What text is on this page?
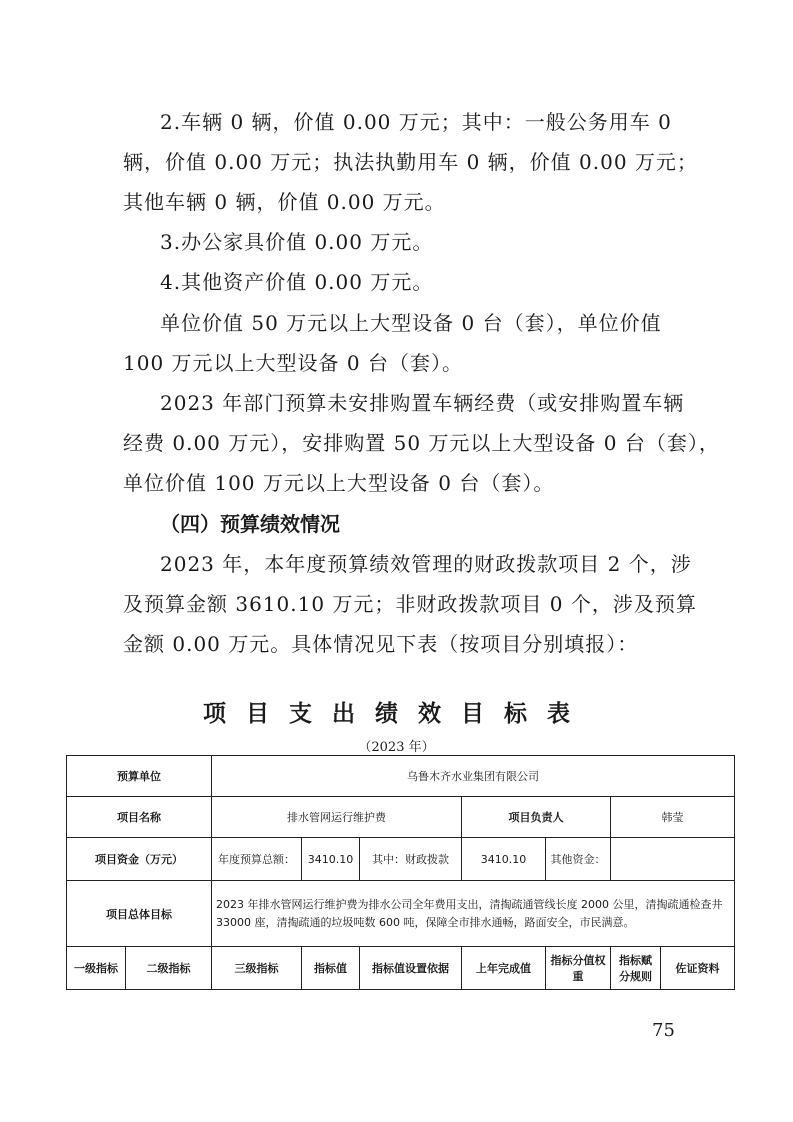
2.车辆 0 辆，价值 0.00 万元；其中：一般公务用车 0
辆，价值 0.00 万元；执法执勤用车 0 辆，价值 0.00 万元；
其他车辆 0 辆，价值 0.00 万元。
3.办公家具价值 0.00 万元。
4.其他资产价值 0.00 万元。
单位价值 50 万元以上大型设备 0 台（套），单位价值
100 万元以上大型设备 0 台（套）。
2023 年部门预算未安排购置车辆经费（或安排购置车辆
经费 0.00 万元），安排购置 50 万元以上大型设备 0 台（套），
单位价值 100 万元以上大型设备 0 台（套）。
（四）预算绩效情况
2023 年，本年度预算绩效管理的财政拨款项目 2 个，涉
及预算金额 3610.10 万元；非财政拨款项目 0 个，涉及预算
金额 0.00 万元。具体情况见下表（按项目分别填报）：
项目支出绩效目标表
（2023 年）
预算单位		乌鲁木齐水业集团有限公司						
项目名称		排水管网运行维护费			项目负责人		韩莹	
项目资金（万元）		年度预算总额：	3410.10	其中：财政拨款	3410.10	其他资金：		
项目总体目标		2023 年排水管网运行维护费为排水公司全年费用支出，清掏疏通管线长度 2000 公里，清掏疏通检查井 33000 座，清掏疏通的垃圾吨数 600 吨，保障全市排水通畅，路面安全，市民满意。						
一级指标	二级指标	三级指标	指标值	指标值设置依据	上年完成值	指标分值权重	指标赋分规则	佐证资料
75
